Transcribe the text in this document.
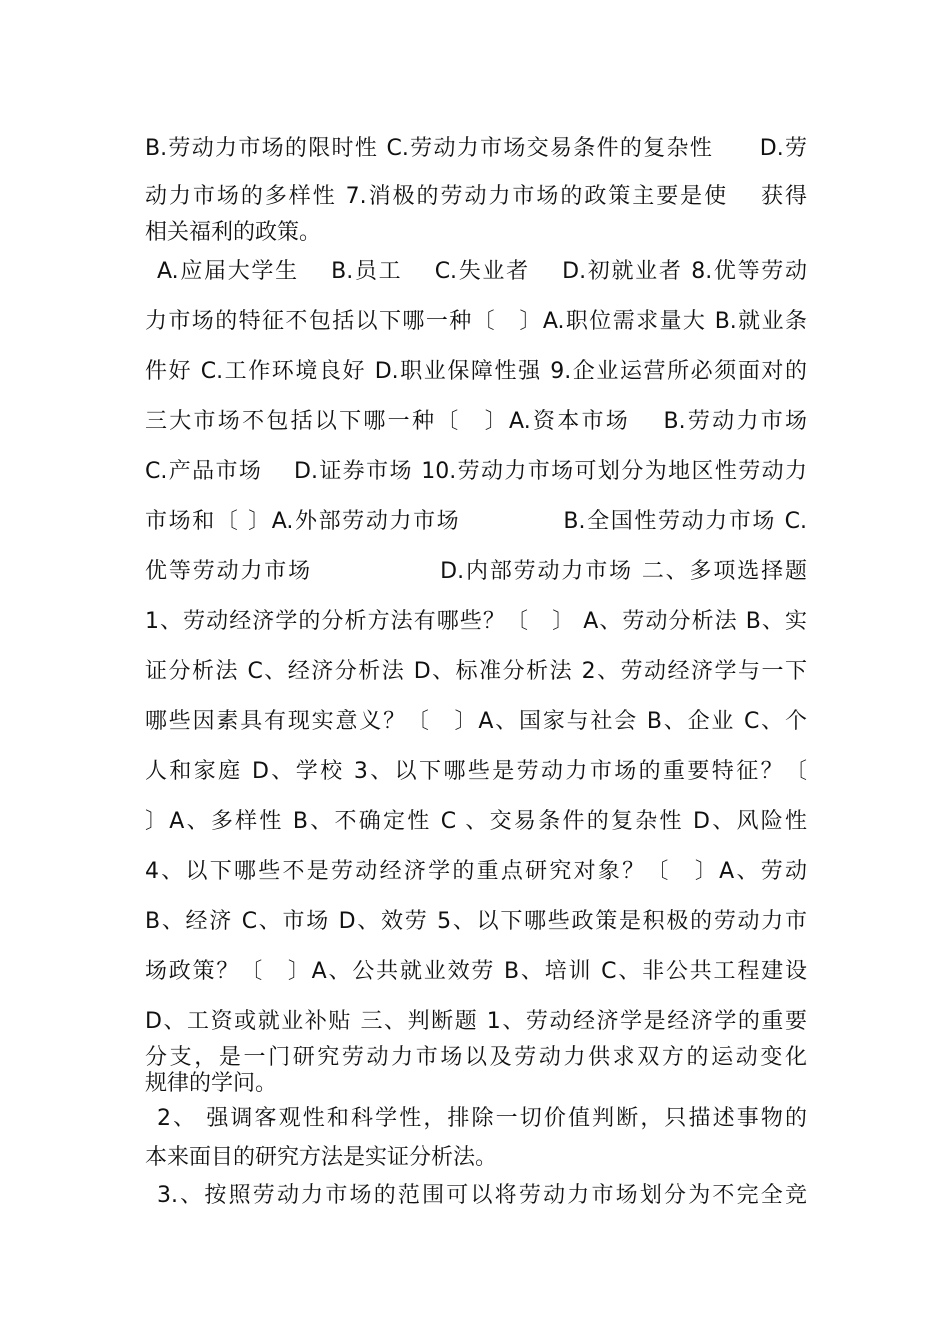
B.劳动力市场的限时性 C.劳动力市场交易条件的复杂性　　D.劳
动力市场的多样性 7.消极的劳动力市场的政策主要是使　 获得
相关福利的政策。
A.应届大学生　 B.员工　 C.失业者　 D.初就业者 8.优等劳动
力市场的特征不包括以下哪一种〔　〕A.职位需求量大 B.就业条
件好 C.工作环境良好 D.职业保障性强 9.企业运营所必须面对的
三大市场不包括以下哪一种〔　〕A.资本市场　 B.劳动力市场
C.产品市场　 D.证券市场 10.劳动力市场可划分为地区性劳动力
市场和〔 〕A.外部劳动力市场　　　　 B.全国性劳动力市场 C.
优等劳动力市场　　　　　 D.内部劳动力市场 二、多项选择题
1、劳动经济学的分析方法有哪些？〔　〕 A、劳动分析法 B、实
证分析法 C、经济分析法 D、标准分析法 2、劳动经济学与一下
哪些因素具有现实意义？〔　〕A、国家与社会 B、企业 C、个
人和家庭 D、学校 3、以下哪些是劳动力市场的重要特征？〔
〕A、多样性 B、不确定性 C 、交易条件的复杂性 D、风险性
4、以下哪些不是劳动经济学的重点研究对象？〔　〕A、劳动
B、经济 C、市场 D、效劳 5、以下哪些政策是积极的劳动力市
场政策？〔　〕A、公共就业效劳 B、培训 C、非公共工程建设
D、工资或就业补贴 三、判断题 1、劳动经济学是经济学的重要
分支，是一门研究劳动力市场以及劳动力供求双方的运动变化
规律的学问。
2、 强调客观性和科学性，排除一切价值判断，只描述事物的
本来面目的研究方法是实证分析法。
3.、按照劳动力市场的范围可以将劳动力市场划分为不完全竞
